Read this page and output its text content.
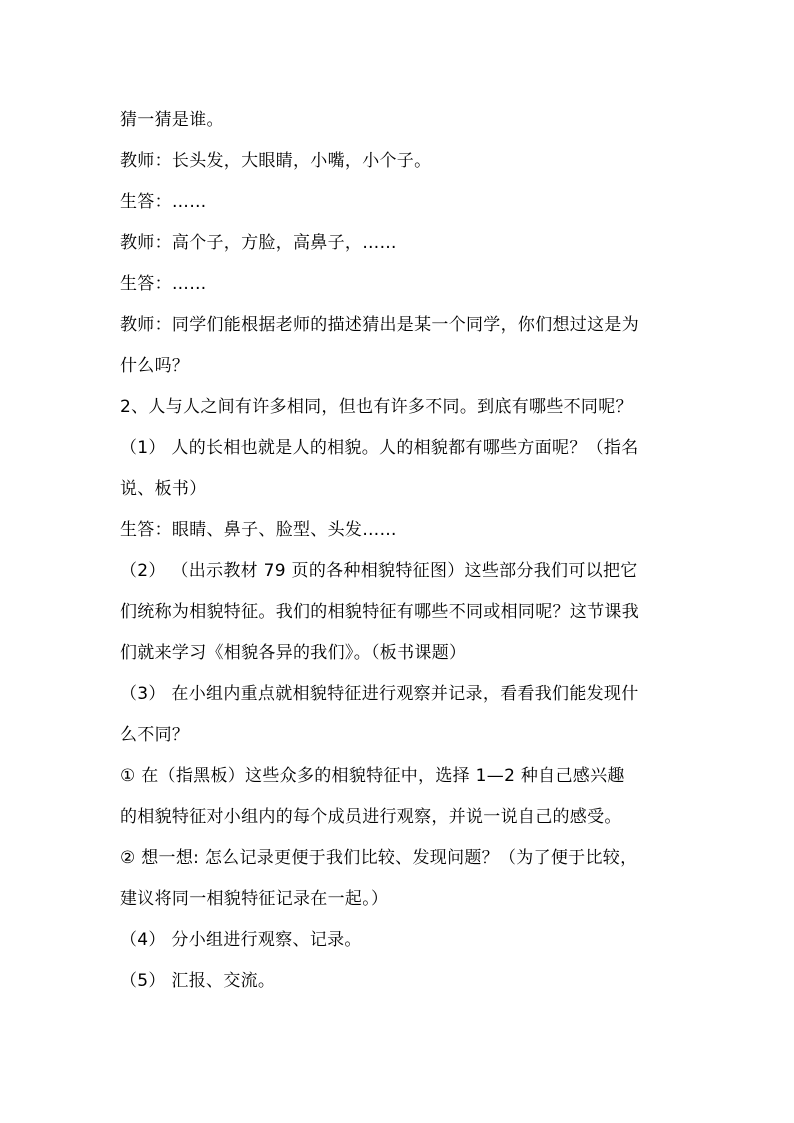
猜一猜是谁。
教师：长头发，大眼睛，小嘴，小个子。
生答：……
教师：高个子，方脸，高鼻子，……
生答：……
教师：同学们能根据老师的描述猜出是某一个同学，你们想过这是为
什么吗？
2、人与人之间有许多相同，但也有许多不同。到底有哪些不同呢？
（1） 人的长相也就是人的相貌。人的相貌都有哪些方面呢？（指名
说、板书）
生答：眼睛、鼻子、脸型、头发……
（2） （出示教材 79 页的各种相貌特征图）这些部分我们可以把它
们统称为相貌特征。我们的相貌特征有哪些不同或相同呢？这节课我
们就来学习《相貌各异的我们》。（板书课题）
（3） 在小组内重点就相貌特征进行观察并记录，看看我们能发现什
么不同？
① 在（指黑板）这些众多的相貌特征中，选择 1—2 种自己感兴趣
的相貌特征对小组内的每个成员进行观察，并说一说自己的感受。
② 想一想: 怎么记录更便于我们比较、发现问题？（为了便于比较，
建议将同一相貌特征记录在一起。）
（4） 分小组进行观察、记录。
（5） 汇报、交流。
